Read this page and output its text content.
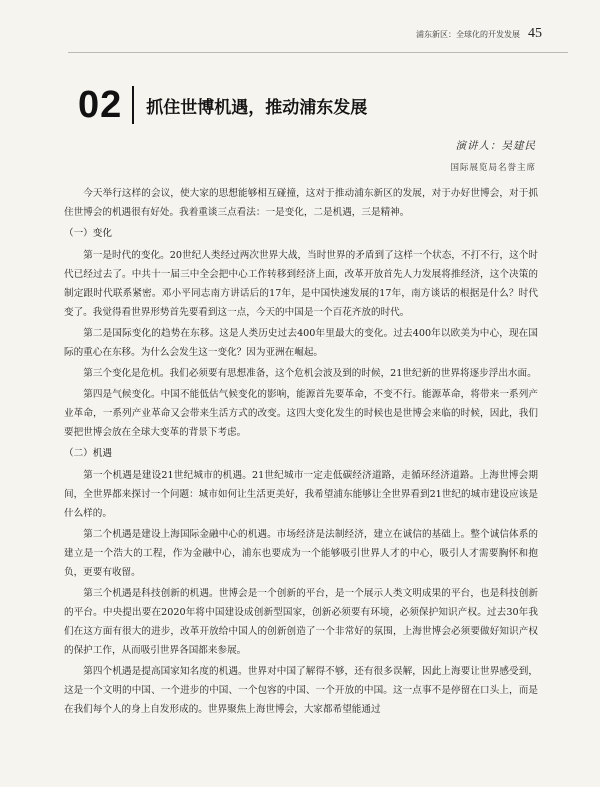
浦东新区：全球化的开发发展 45
02 抓住世博机遇，推动浦东发展
演讲人：吴建民
国际展览局名誉主席

今天举行这样的会议，使大家的思想能够相互碰撞，这对于推动浦东新区的发展，对于办好世博会，对于抓住世博会的机遇很有好处。我着重谈三点看法：一是变化，二是机遇，三是精神。

（一）变化

第一是时代的变化。20世纪人类经过两次世界大战，当时世界的矛盾到了这样一个状态，不打不行，这个时代已经过去了。中共十一届三中全会把中心工作转移到经济上面，改革开放首先人力发展将推经济，这个决策的制定跟时代联系紧密。邓小平同志南方讲话后的17年，是中国快速发展的17年，南方谈话的根据是什么？时代变了。我觉得看世界形势首先要看到这一点，今天的中国是一个百花齐放的时代。

第二是国际变化的趋势在东移。这是人类历史过去400年里最大的变化。过去400年以欧美为中心，现在国际的重心在东移。为什么会发生这一变化？因为亚洲在崛起。

第三个变化是危机。我们必须要有思想准备，这个危机会波及到的时候，21世纪新的世界将逐步浮出水面。

第四是气候变化。中国不能低估气候变化的影响，能源首先要革命，不变不行。能源革命，将带来一系列产业革命，一系列产业革命又会带来生活方式的改变。这四大变化发生的时候也是世博会来临的时候，因此，我们要把世博会放在全球大变革的背景下考虑。

（二）机遇

第一个机遇是建设21世纪城市的机遇。21世纪城市一定走低碳经济道路，走循环经济道路。上海世博会期间，全世界都来探讨一个问题：城市如何让生活更美好，我希望浦东能够让全世界看到21世纪的城市建设应该是什么样的。

第二个机遇是建设上海国际金融中心的机遇。市场经济是法制经济，建立在诚信的基础上。整个诚信体系的建立是一个浩大的工程，作为金融中心，浦东也要成为一个能够吸引世界人才的中心，吸引人才需要胸怀和抱负，更要有收留。

第三个机遇是科技创新的机遇。世博会是一个创新的平台，是一个展示人类文明成果的平台，也是科技创新的平台。中央提出要在2020年将中国建设成创新型国家，创新必须要有环境，必须保护知识产权。过去30年我们在这方面有很大的进步，改革开放给中国人的创新创造了一个非常好的氛围，上海世博会必须要做好知识产权的保护工作，从而吸引世界各国都来参展。

第四个机遇是提高国家知名度的机遇。世界对中国了解得不够，还有很多误解，因此上海要让世界感受到，这是一个文明的中国、一个进步的中国、一个包容的中国、一个开放的中国。这一点事不是停留在口头上，而是在我们每个人的身上自发形成的。世界聚焦上海世博会，大家都希望能通过
